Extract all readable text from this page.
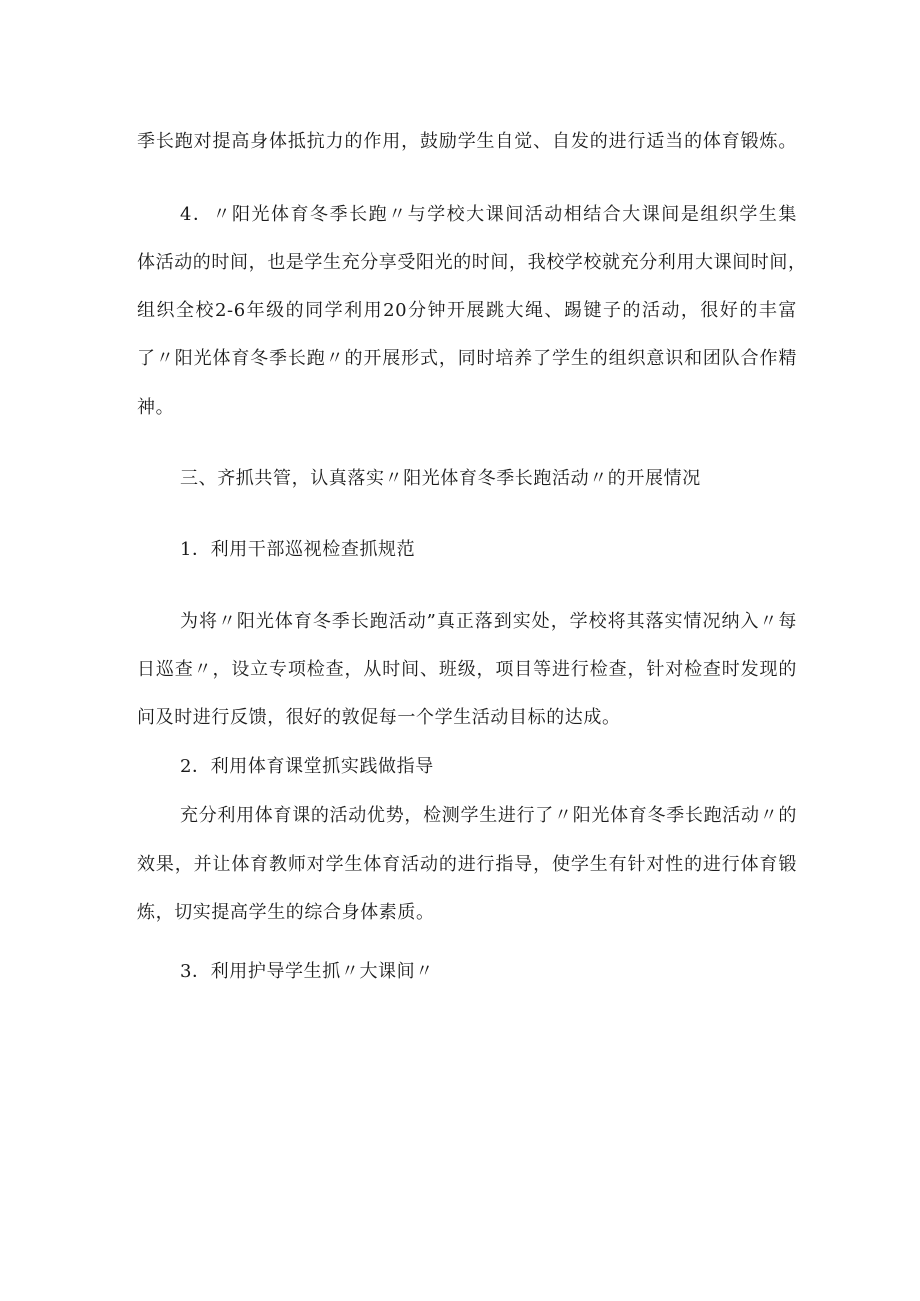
季长跑对提高身体抵抗力的作用，鼓励学生自觉、自发的进行适当的体育锻炼。
4．〃阳光体育冬季长跑〃与学校大课间活动相结合大课间是组织学生集
体活动的时间，也是学生充分享受阳光的时间，我校学校就充分利用大课间时间，
组织全校2-6年级的同学利用20分钟开展跳大绳、踢键子的活动，很好的丰富
了〃阳光体育冬季长跑〃的开展形式，同时培养了学生的组织意识和团队合作精
神。
三、齐抓共管，认真落实〃阳光体育冬季长跑活动〃的开展情况
1．利用干部巡视检查抓规范
为将〃阳光体育冬季长跑活动”真正落到实处，学校将其落实情况纳入〃每
日巡查〃，设立专项检查，从时间、班级，项目等进行检查，针对检查时发现的
问及时进行反馈，很好的敦促每一个学生活动目标的达成。
2．利用体育课堂抓实践做指导
充分利用体育课的活动优势，检测学生进行了〃阳光体育冬季长跑活动〃的
效果，并让体育教师对学生体育活动的进行指导，使学生有针对性的进行体育锻
炼，切实提高学生的综合身体素质。
3．利用护导学生抓〃大课间〃
